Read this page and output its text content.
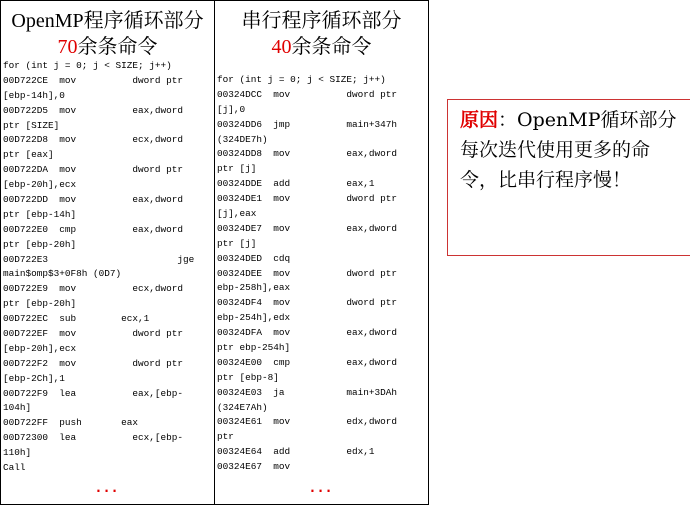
OpenMP程序循环部分
70余条命令
for (int j = 0; j < SIZE; j++)
00D722CE  mov          dword ptr
[ebp-14h],0
00D722D5  mov          eax,dword
ptr [SIZE]
00D722D8  mov          ecx,dword
ptr [eax]
00D722DA  mov          dword ptr
[ebp-20h],ecx
00D722DD  mov          eax,dword
ptr [ebp-14h]
00D722E0  cmp          eax,dword
ptr [ebp-20h]
00D722E3                       jge
main$omp$3+0F8h (0D7)
00D722E9  mov          ecx,dword
ptr [ebp-20h]
00D722EC  sub        ecx,1
00D722EF  mov          dword ptr
[ebp-20h],ecx
00D722F2  mov          dword ptr
[ebp-2Ch],1
00D722F9  lea          eax,[ebp-
104h]
00D722FF  push       eax
00D72300  lea          ecx,[ebp-
110h]
Call
...
串行程序循环部分
40余条命令
for (int j = 0; j < SIZE; j++)
00324DCC  mov          dword ptr
[j],0
00324DD6  jmp          main+347h
(324DE7h)
00324DD8  mov          eax,dword
ptr [j]
00324DDE  add          eax,1
00324DE1  mov          dword ptr
[j],eax
00324DE7  mov          eax,dword
ptr [j]
00324DED  cdq
00324DEE  mov          dword ptr
ebp-258h],eax
00324DF4  mov          dword ptr
ebp-254h],edx
00324DFA  mov          eax,dword
ptr ebp-254h]
00324E00  cmp          eax,dword
ptr [ebp-8]
00324E03  ja           main+3DAh
(324E7Ah)
00324E61  mov          edx,dword
ptr
00324E64  add          edx,1
00324E67  mov
...

原因：OpenMP循环部分每次迭代使用更多的命令，比串行程序慢！
